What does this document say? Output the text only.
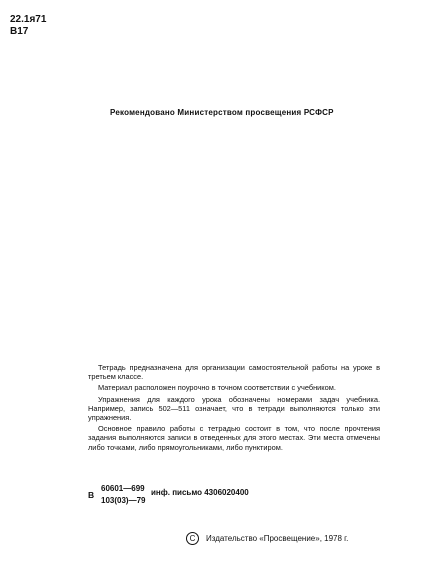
22.1я71
В17
Рекомендовано Министерством просвещения РСФСР

Тетрадь предназначена для организации самостоятельной работы на уроке в третьем классе.

Материал расположен поурочно в точном соответствии с учебником.

Упражнения для каждого урока обозначены номерами задач учебника. Например, запись 502—511 означает, что в тетради выполняются только эти упражнения.

Основное правило работы с тетрадью состоит в том, что после прочтения задания выполняются записи в отведенных для этого местах. Эти места отмечены либо точками, либо прямоугольниками, либо пунктиром.

В
60601—699
103(03)—79
инф. письмо 4306020400
C	Издательство «Просвещение», 1978 г.
